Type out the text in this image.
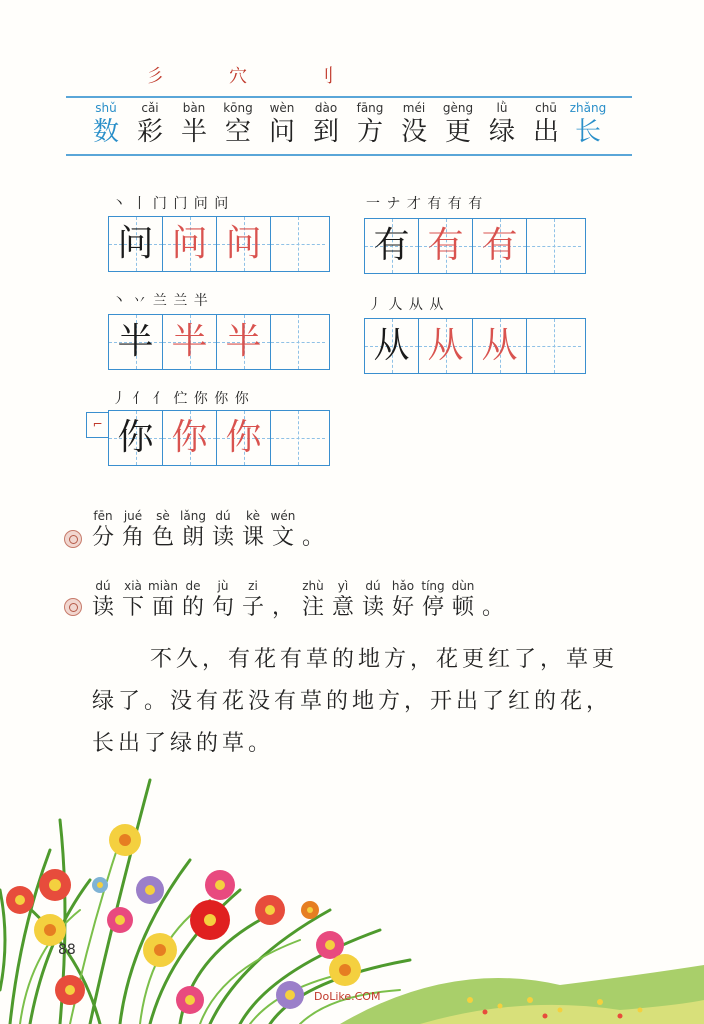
彡	穴	刂
shǔ
数
cǎi
彩
bàn
半
kōng
空
wèn
问
dào
到
fāng
方
méi
没
gèng
更
lǜ
绿
chū
出
zhǎng
长
丶 丨 门 门 问 问
问 问 问
一 ナ 才 有 有 有
有 有 有
丶 丷 兰 兰 半
半 半 半
丿 人 从 从
从 从 从
丿 亻 亻 伫 你 你 你
⌐ 你 你 你
fēn
分
jué
角
sè
色
lǎng
朗
dú
读
kè
课
wén
文 。
dú
读
xià
下
miàn
面
de
的
jù
句
zi
子 ，
zhù
注
yì
意
dú
读
hǎo
好
tíng
停
dùn
顿 。
不久，有花有草的地方，花更红了，草更
绿了。没有花没有草的地方，开出了红的花，
长出了绿的草。
88
DoLike.COM
